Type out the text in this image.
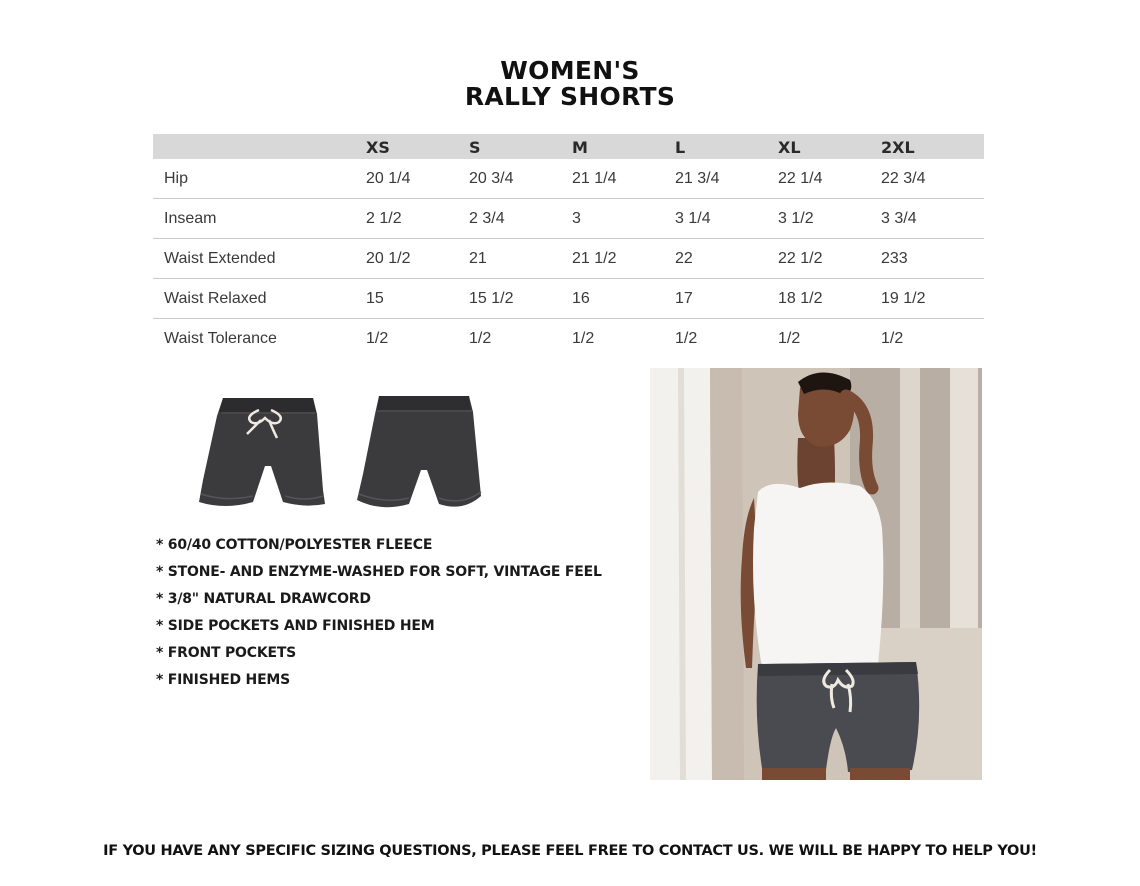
WOMEN'S
RALLY SHORTS
	XS	S	M	L	XL	2XL
Hip	20 1/4	20 3/4	21 1/4	21 3/4	22 1/4	22 3/4
Inseam	2 1/2	2 3/4	3	3 1/4	3 1/2	3 3/4
Waist Extended	20 1/2	21	21 1/2	22	22 1/2	233
Waist Relaxed	15	15 1/2	16	17	18 1/2	19 1/2
Waist Tolerance	1/2	1/2	1/2	1/2	1/2	1/2
* 60/40 COTTON/POLYESTER FLEECE
* STONE- AND ENZYME-WASHED FOR SOFT, VINTAGE FEEL
* 3/8" NATURAL DRAWCORD
* SIDE POCKETS AND FINISHED HEM
* FRONT POCKETS
* FINISHED HEMS
IF YOU HAVE ANY SPECIFIC SIZING QUESTIONS, PLEASE FEEL FREE TO CONTACT US. WE WILL BE HAPPY TO HELP YOU!
